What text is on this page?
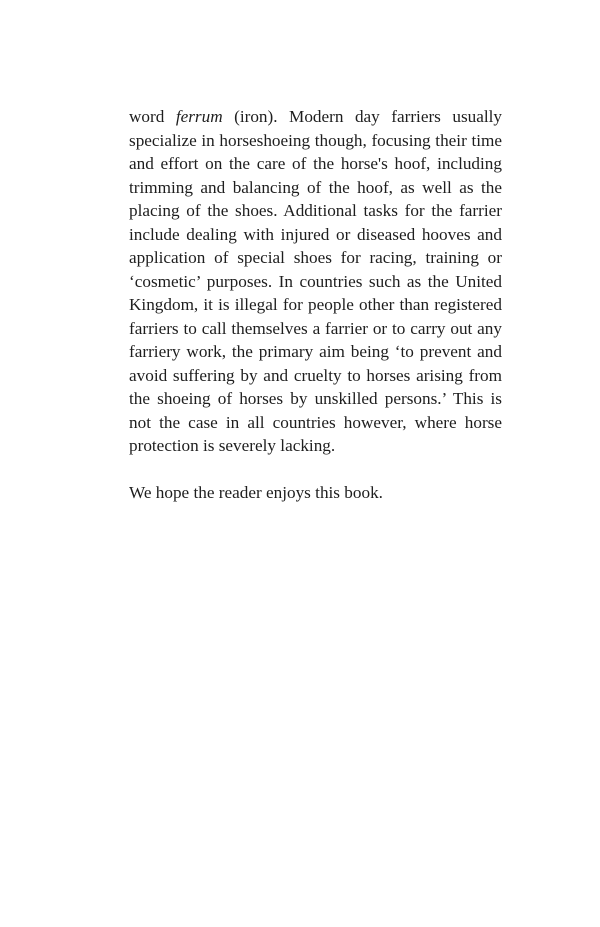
word ferrum (iron). Modern day farriers usually specialize in horseshoeing though, focusing their time and effort on the care of the horse's hoof, including trimming and balancing of the hoof, as well as the placing of the shoes. Additional tasks for the farrier include dealing with injured or diseased hooves and application of special shoes for racing, training or ‘cosmetic’ purposes. In countries such as the United Kingdom, it is illegal for people other than registered farriers to call themselves a farrier or to carry out any farriery work, the primary aim being ‘to prevent and avoid suffering by and cruelty to horses arising from the shoeing of horses by unskilled persons.’ This is not the case in all countries however, where horse protection is severely lacking.

We hope the reader enjoys this book.
